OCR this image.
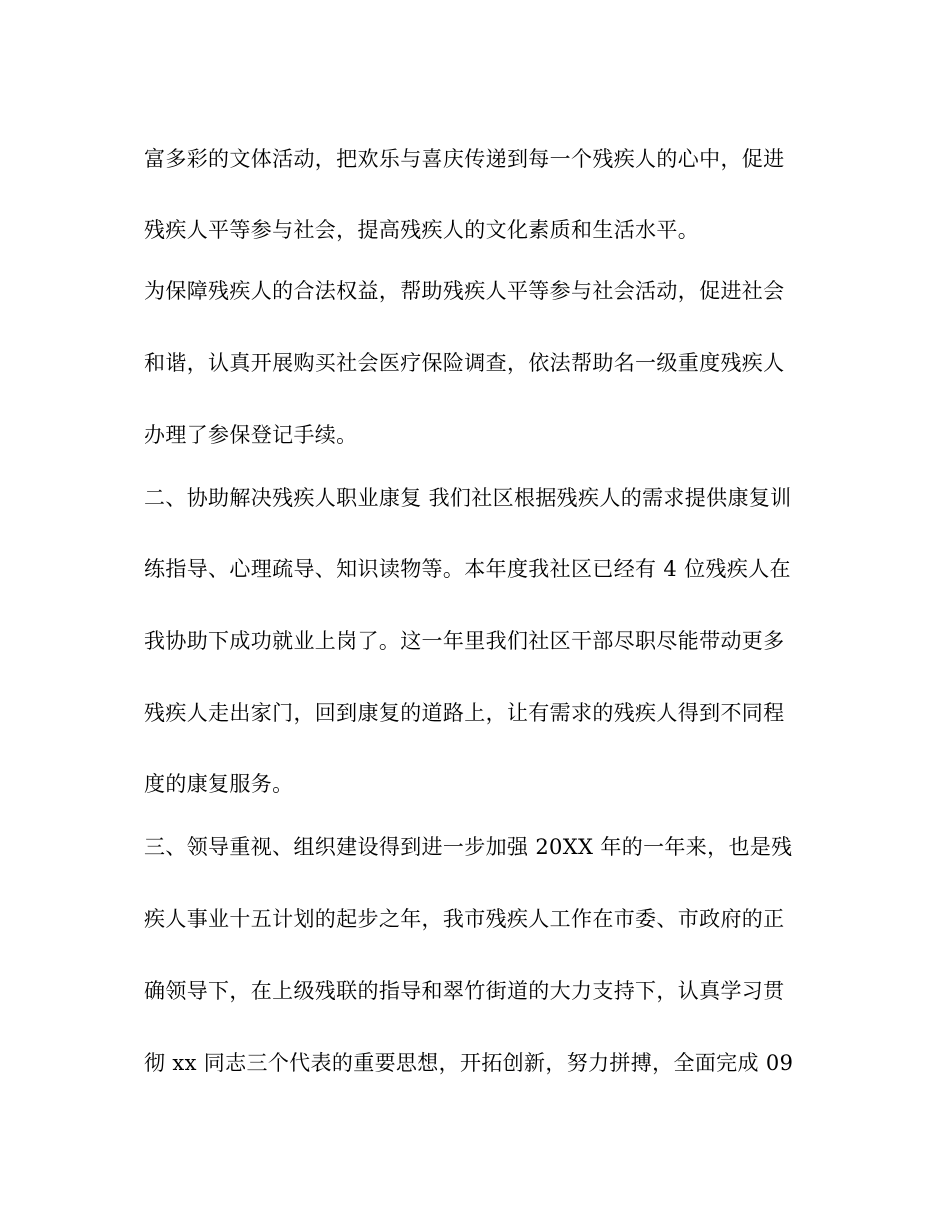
富多彩的文体活动，把欢乐与喜庆传递到每一个残疾人的心中，促进
残疾人平等参与社会，提高残疾人的文化素质和生活水平。
为保障残疾人的合法权益，帮助残疾人平等参与社会活动，促进社会
和谐，认真开展购买社会医疗保险调查，依法帮助名一级重度残疾人
办理了参保登记手续。
二、协助解决残疾人职业康复 我们社区根据残疾人的需求提供康复训
练指导、心理疏导、知识读物等。本年度我社区已经有 4 位残疾人在
我协助下成功就业上岗了。这一年里我们社区干部尽职尽能带动更多
残疾人走出家门，回到康复的道路上，让有需求的残疾人得到不同程
度的康复服务。
三、领导重视、组织建设得到进一步加强 20XX 年的一年来，也是残
疾人事业十五计划的起步之年，我市残疾人工作在市委、市政府的正
确领导下，在上级残联的指导和翠竹街道的大力支持下，认真学习贯
彻 xx 同志三个代表的重要思想，开拓创新，努力拼搏，全面完成 09
